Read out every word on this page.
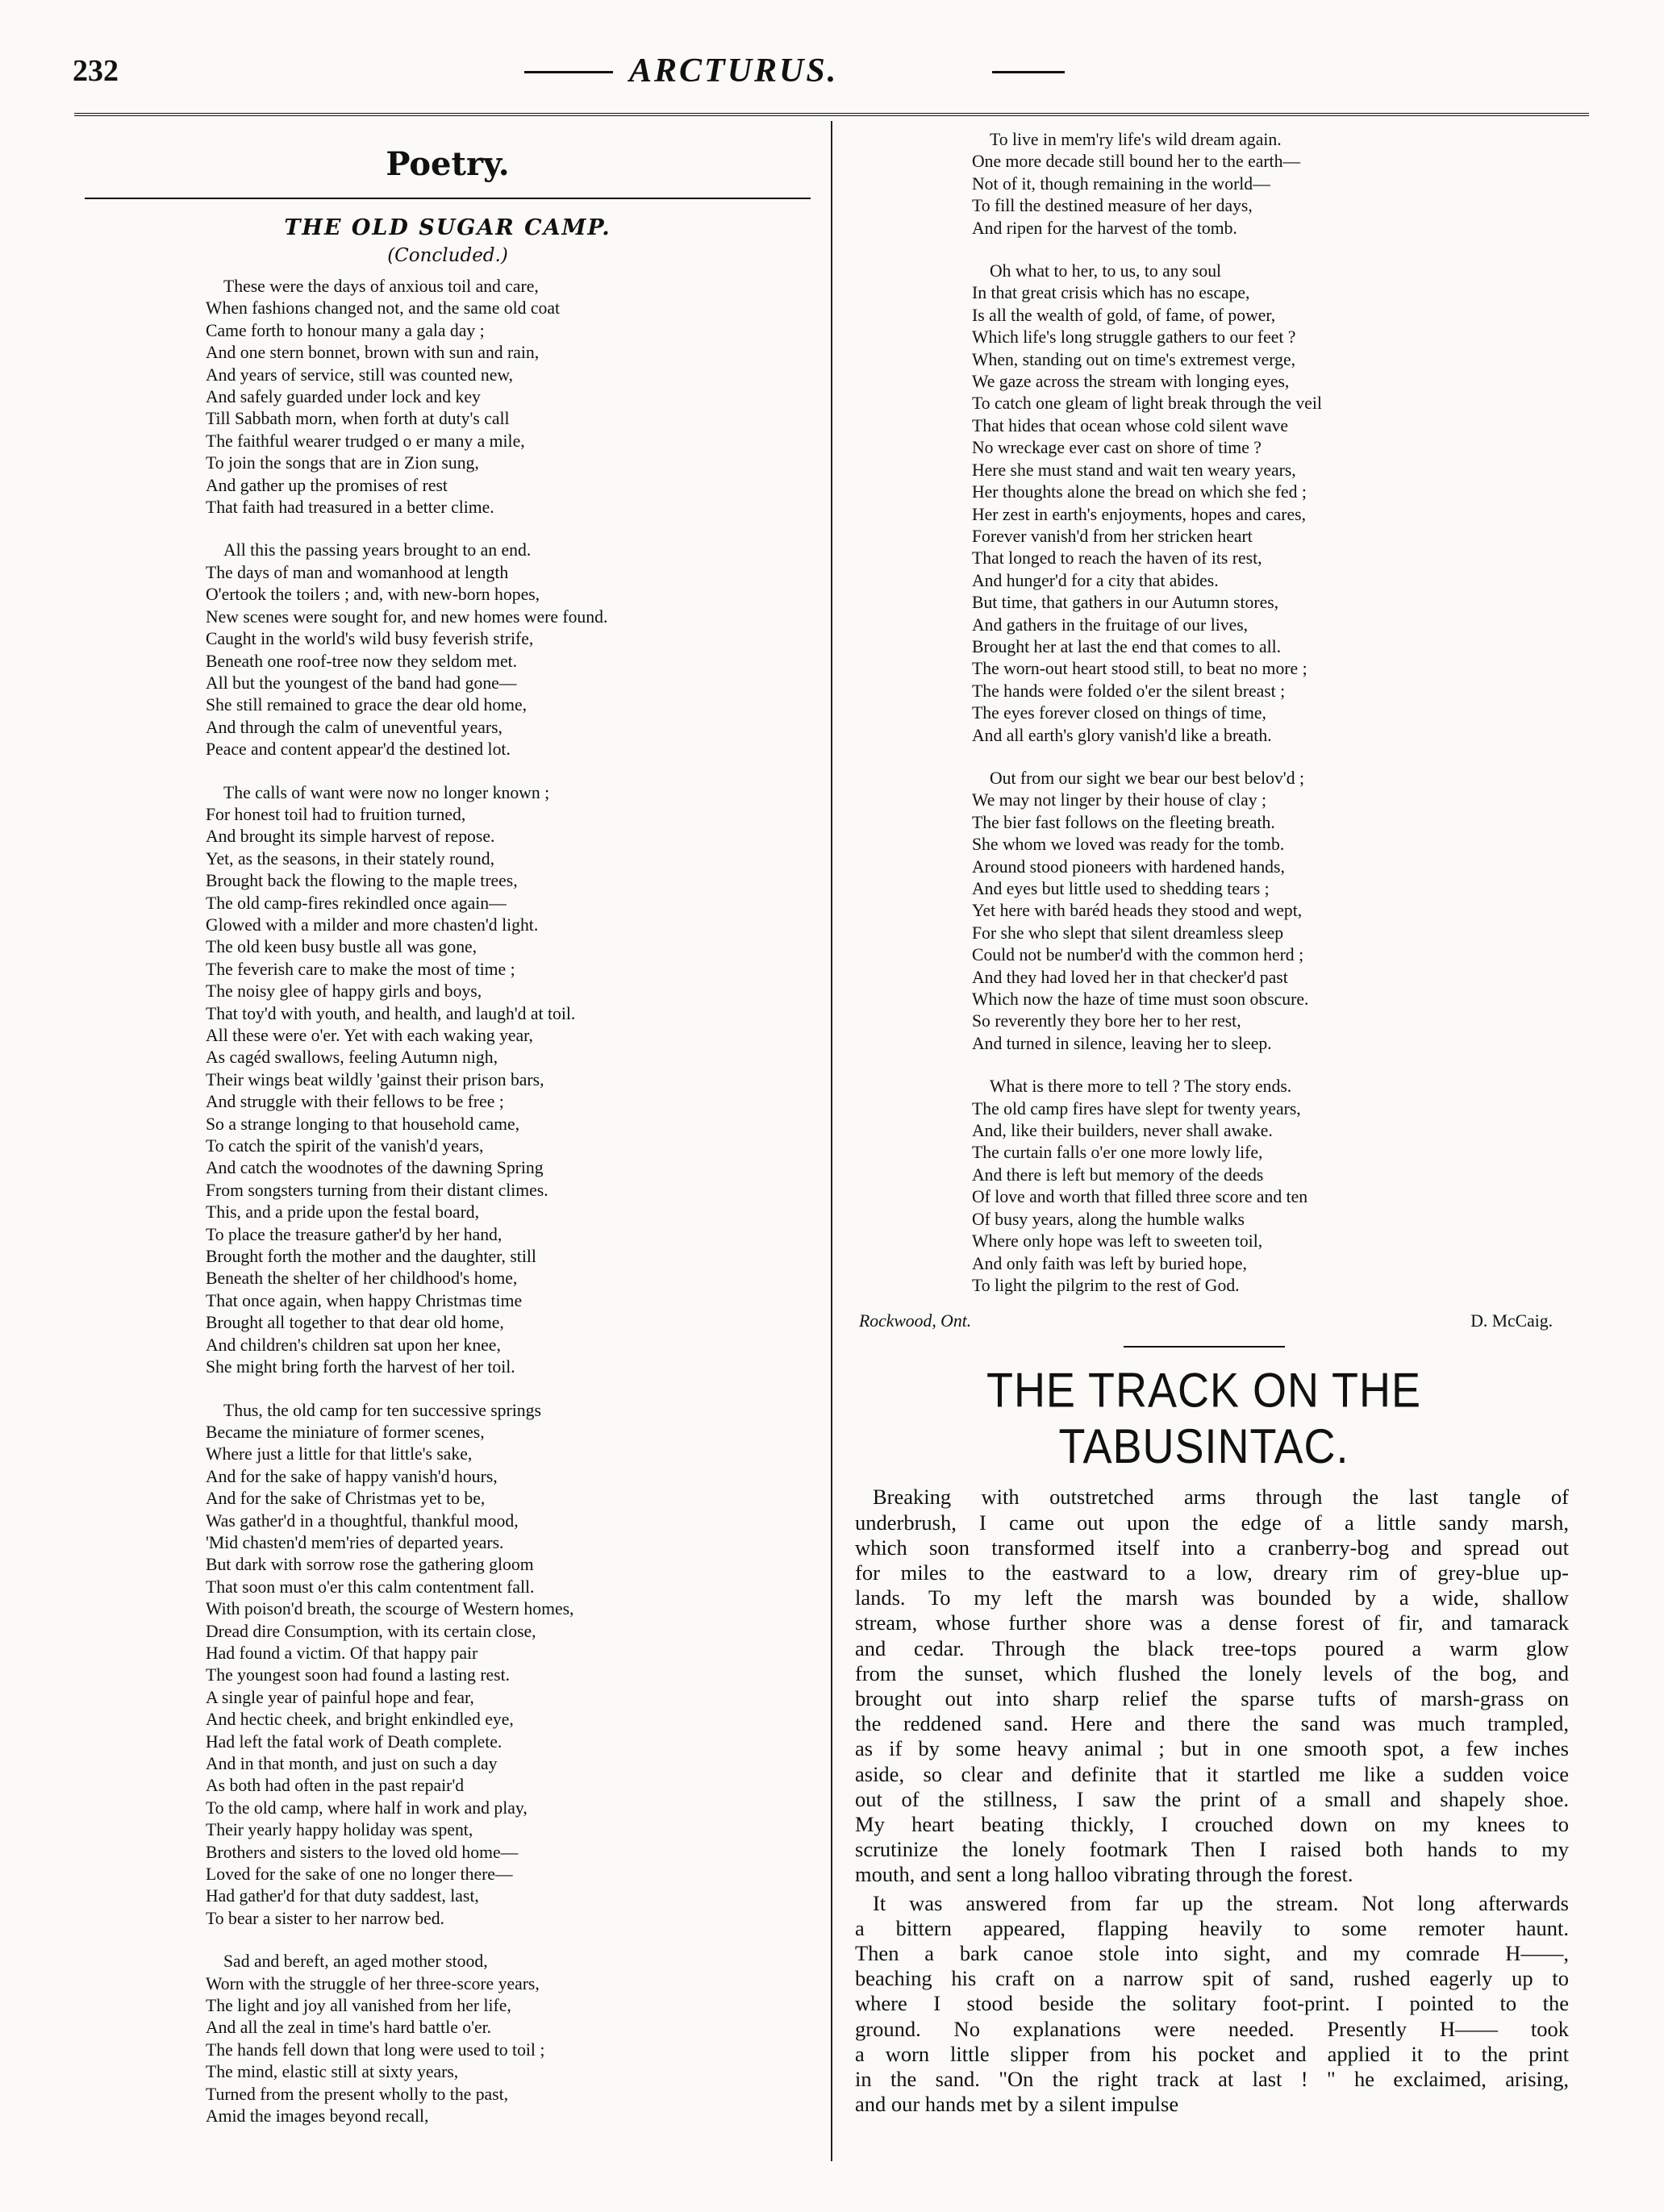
232	ARCTURUS.
Poetry.
THE OLD SUGAR CAMP.
(Concluded.)
These were the days of anxious toil and care,
When fashions changed not, and the same old coat
Came forth to honour many a gala day ;
And one stern bonnet, brown with sun and rain,
And years of service, still was counted new,
And safely guarded under lock and key
Till Sabbath morn, when forth at duty's call
The faithful wearer trudged o er many a mile,
To join the songs that are in Zion sung,
And gather up the promises of rest
That faith had treasured in a better clime.
All this the passing years brought to an end.
The days of man and womanhood at length
O'ertook the toilers ; and, with new-born hopes,
New scenes were sought for, and new homes were found.
Caught in the world's wild busy feverish strife,
Beneath one roof-tree now they seldom met.
All but the youngest of the band had gone—
She still remained to grace the dear old home,
And through the calm of uneventful years,
Peace and content appear'd the destined lot.
The calls of want were now no longer known ;
For honest toil had to fruition turned,
And brought its simple harvest of repose.
Yet, as the seasons, in their stately round,
Brought back the flowing to the maple trees,
The old camp-fires rekindled once again—
Glowed with a milder and more chasten'd light.
The old keen busy bustle all was gone,
The feverish care to make the most of time ;
The noisy glee of happy girls and boys,
That toy'd with youth, and health, and laugh'd at toil.
All these were o'er. Yet with each waking year,
As cagéd swallows, feeling Autumn nigh,
Their wings beat wildly 'gainst their prison bars,
And struggle with their fellows to be free ;
So a strange longing to that household came,
To catch the spirit of the vanish'd years,
And catch the woodnotes of the dawning Spring
From songsters turning from their distant climes.
This, and a pride upon the festal board,
To place the treasure gather'd by her hand,
Brought forth the mother and the daughter, still
Beneath the shelter of her childhood's home,
That once again, when happy Christmas time
Brought all together to that dear old home,
And children's children sat upon her knee,
She might bring forth the harvest of her toil.
Thus, the old camp for ten successive springs
Became the miniature of former scenes,
Where just a little for that little's sake,
And for the sake of happy vanish'd hours,
And for the sake of Christmas yet to be,
Was gather'd in a thoughtful, thankful mood,
'Mid chasten'd mem'ries of departed years.
But dark with sorrow rose the gathering gloom
That soon must o'er this calm contentment fall.
With poison'd breath, the scourge of Western homes,
Dread dire Consumption, with its certain close,
Had found a victim. Of that happy pair
The youngest soon had found a lasting rest.
A single year of painful hope and fear,
And hectic cheek, and bright enkindled eye,
Had left the fatal work of Death complete.
And in that month, and just on such a day
As both had often in the past repair'd
To the old camp, where half in work and play,
Their yearly happy holiday was spent,
Brothers and sisters to the loved old home—
Loved for the sake of one no longer there—
Had gather'd for that duty saddest, last,
To bear a sister to her narrow bed.
Sad and bereft, an aged mother stood,
Worn with the struggle of her three-score years,
The light and joy all vanished from her life,
And all the zeal in time's hard battle o'er.
The hands fell down that long were used to toil ;
The mind, elastic still at sixty years,
Turned from the present wholly to the past,
Amid the images beyond recall,
To live in mem'ry life's wild dream again.
One more decade still bound her to the earth—
Not of it, though remaining in the world—
To fill the destined measure of her days,
And ripen for the harvest of the tomb.
Oh what to her, to us, to any soul
In that great crisis which has no escape,
Is all the wealth of gold, of fame, of power,
Which life's long struggle gathers to our feet ?
When, standing out on time's extremest verge,
We gaze across the stream with longing eyes,
To catch one gleam of light break through the veil
That hides that ocean whose cold silent wave
No wreckage ever cast on shore of time ?
Here she must stand and wait ten weary years,
Her thoughts alone the bread on which she fed ;
Her zest in earth's enjoyments, hopes and cares,
Forever vanish'd from her stricken heart
That longed to reach the haven of its rest,
And hunger'd for a city that abides.
But time, that gathers in our Autumn stores,
And gathers in the fruitage of our lives,
Brought her at last the end that comes to all.
The worn-out heart stood still, to beat no more ;
The hands were folded o'er the silent breast ;
The eyes forever closed on things of time,
And all earth's glory vanish'd like a breath.
Out from our sight we bear our best belov'd ;
We may not linger by their house of clay ;
The bier fast follows on the fleeting breath.
She whom we loved was ready for the tomb.
Around stood pioneers with hardened hands,
And eyes but little used to shedding tears ;
Yet here with baréd heads they stood and wept,
For she who slept that silent dreamless sleep
Could not be number'd with the common herd ;
And they had loved her in that checker'd past
Which now the haze of time must soon obscure.
So reverently they bore her to her rest,
And turned in silence, leaving her to sleep.
What is there more to tell ? The story ends.
The old camp fires have slept for twenty years,
And, like their builders, never shall awake.
The curtain falls o'er one more lowly life,
And there is left but memory of the deeds
Of love and worth that filled three score and ten
Of busy years, along the humble walks
Where only hope was left to sweeten toil,
And only faith was left by buried hope,
To light the pilgrim to the rest of God.
Rockwood, Ont.	D. McCaig.
THE TRACK ON THE TABUSINTAC.
Breaking with outstretched arms through the last tangle of
underbrush, I came out upon the edge of a little sandy marsh,
which soon transformed itself into a cranberry-bog and spread out
for miles to the eastward to a low, dreary rim of grey-blue up-
lands. To my left the marsh was bounded by a wide, shallow
stream, whose further shore was a dense forest of fir, and tamarack
and cedar. Through the black tree-tops poured a warm glow
from the sunset, which flushed the lonely levels of the bog, and
brought out into sharp relief the sparse tufts of marsh-grass on
the reddened sand. Here and there the sand was much trampled,
as if by some heavy animal ; but in one smooth spot, a few inches
aside, so clear and definite that it startled me like a sudden voice
out of the stillness, I saw the print of a small and shapely shoe.
My heart beating thickly, I crouched down on my knees to
scrutinize the lonely footmark Then I raised both hands to my
mouth, and sent a long halloo vibrating through the forest.
It was answered from far up the stream. Not long afterwards
a bittern appeared, flapping heavily to some remoter haunt.
Then a bark canoe stole into sight, and my comrade H——,
beaching his craft on a narrow spit of sand, rushed eagerly up to
where I stood beside the solitary foot-print. I pointed to the
ground. No explanations were needed. Presently H—— took
a worn little slipper from his pocket and applied it to the print
in the sand. "On the right track at last ! " he exclaimed, arising,
and our hands met by a silent impulse
